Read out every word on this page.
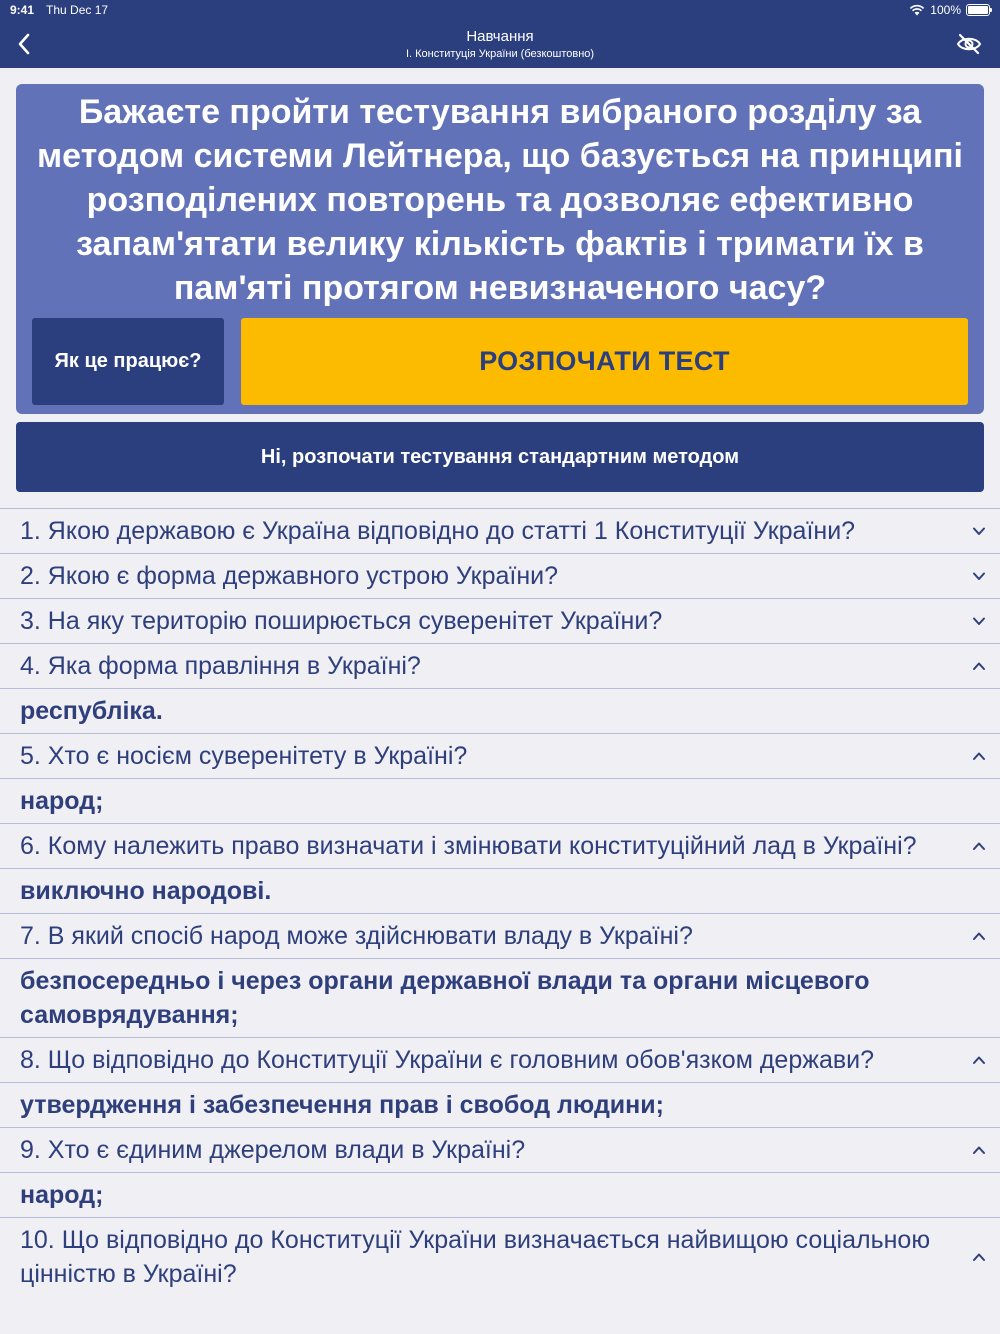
9:41 Thu Dec 17	100%
Навчання
I. Конституція України (безкоштовно)
Бажаєте пройти тестування вибраного розділу за методом системи Лейтнера, що базується на принципі розподілених повторень та дозволяє ефективно запам'ятати велику кількість фактів і тримати їх в пам'яті протягом невизначеного часу?
Як це працює?	РОЗПОЧАТИ ТЕСТ
Ні, розпочати тестування стандартним методом
1. Якою державою є Україна відповідно до статті 1 Конституції України?
2. Якою є форма державного устрою України?
3. На яку територію поширюється суверенітет України?
4. Яка форма правління в Україні?
республіка.
5. Хто є носієм суверенітету в Україні?
народ;
6. Кому належить право визначати і змінювати конституційний лад в Україні?
виключно народові.
7. В який спосіб народ може здійснювати владу в Україні?
безпосередньо і через органи державної влади та органи місцевого самоврядування;
8. Що відповідно до Конституції України є головним обов'язком держави?
утвердження і забезпечення прав і свобод людини;
9. Хто є єдиним джерелом влади в Україні?
народ;
10. Що відповідно до Конституції України визначається найвищою соціальною цінністю в Україні?
